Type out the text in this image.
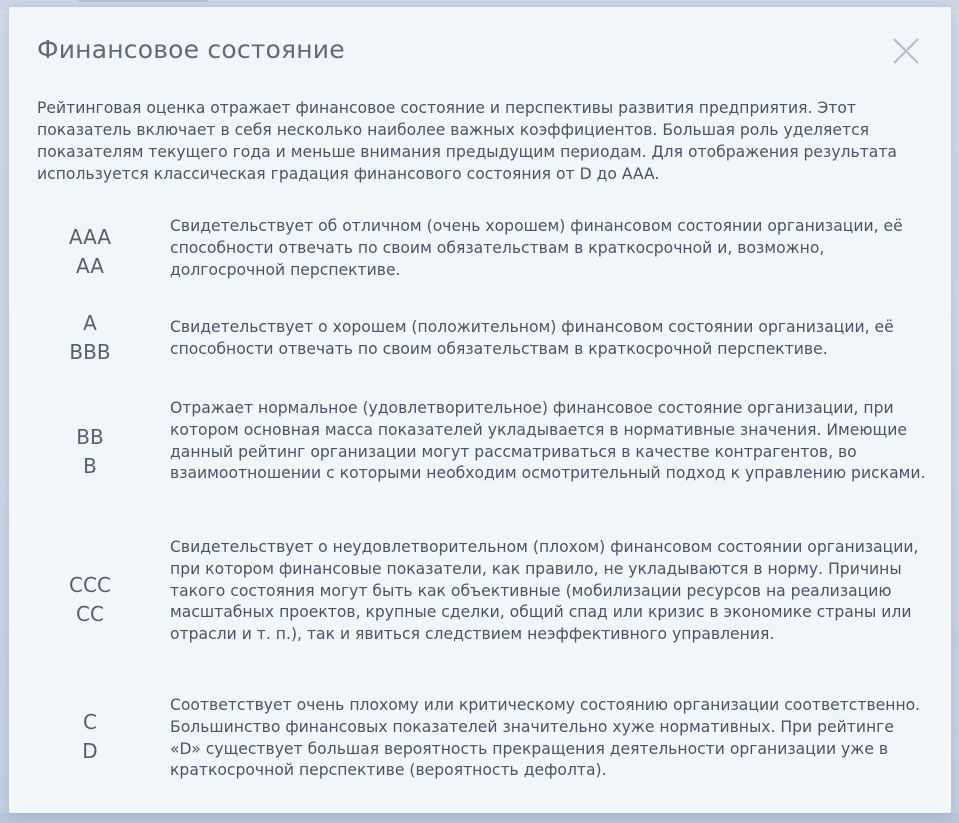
Финансовое состояние

Рейтинговая оценка отражает финансовое состояние и перспективы развития предприятия. Этот показатель включает в себя несколько наиболее важных коэффициентов. Большая роль уделяется показателям текущего года и меньше внимания предыдущим периодам. Для отображения результата используется классическая градация финансового состояния от D до AAA.

AAA
AA

Свидетельствует об отличном (очень хорошем) финансовом состоянии организации, её способности отвечать по своим обязательствам в краткосрочной и, возможно, долгосрочной перспективе.

A
BBB

Свидетельствует о хорошем (положительном) финансовом состоянии организации, её способности отвечать по своим обязательствам в краткосрочной перспективе.

BB
B

Отражает нормальное (удовлетворительное) финансовое состояние организации, при котором основная масса показателей укладывается в нормативные значения. Имеющие данный рейтинг организации могут рассматриваться в качестве контрагентов, во взаимоотношении с которыми необходим осмотрительный подход к управлению рисками.

CCC
CC

Свидетельствует о неудовлетворительном (плохом) финансовом состоянии организации, при котором финансовые показатели, как правило, не укладываются в норму. Причины такого состояния могут быть как объективные (мобилизации ресурсов на реализацию масштабных проектов, крупные сделки, общий спад или кризис в экономике страны или отрасли и т. п.), так и явиться следствием неэффективного управления.

C
D

Соответствует очень плохому или критическому состоянию организации соответственно. Большинство финансовых показателей значительно хуже нормативных. При рейтинге «D» существует большая вероятность прекращения деятельности организации уже в краткосрочной перспективе (вероятность дефолта).
